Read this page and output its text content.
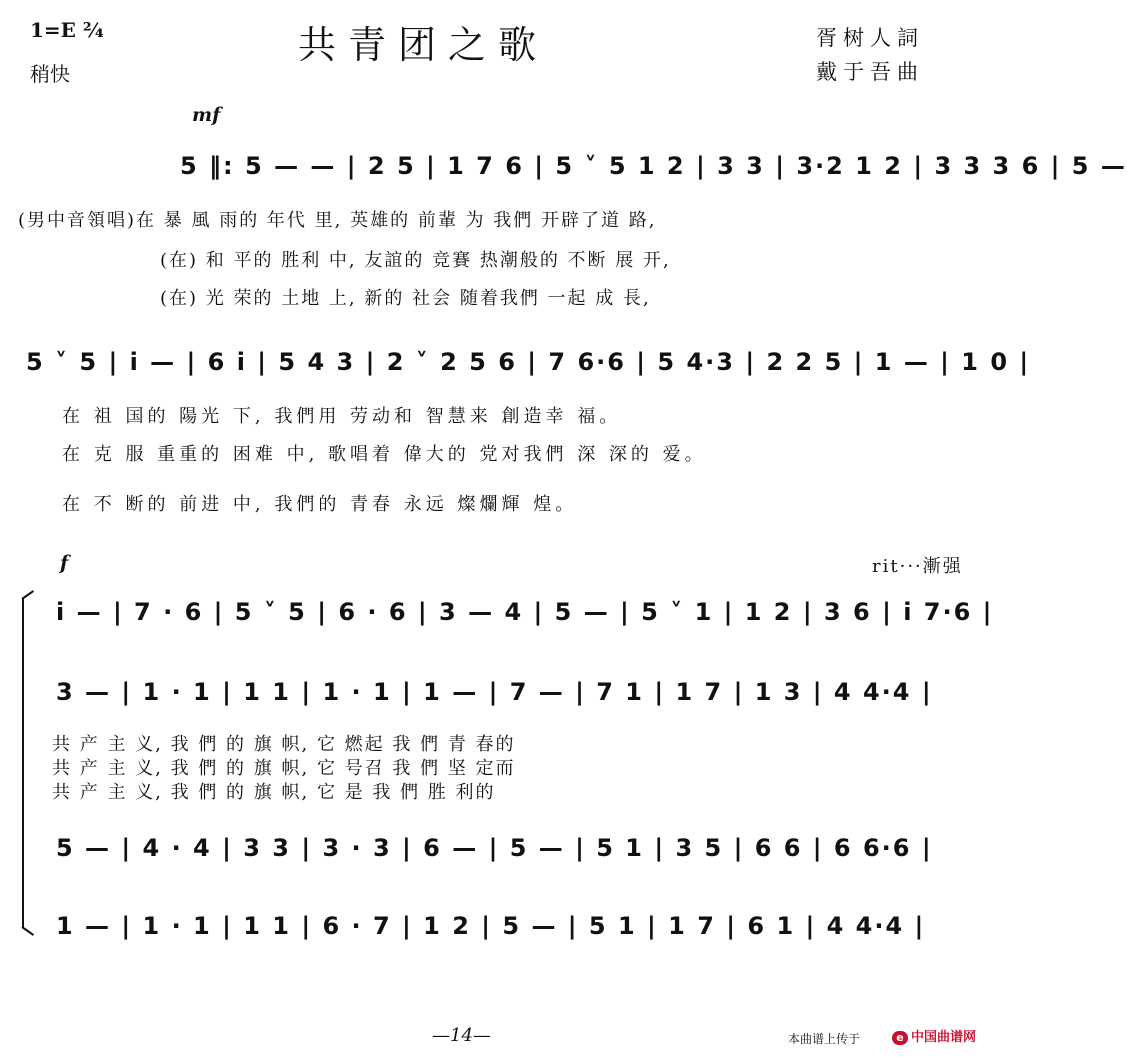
1=E ²⁄₄
稍快
共青团之歌	胥树人詞
戴于吾曲
mf
5 ‖: 5 — — | 2 5 | 1 7 6 | 5 ˅ 5 1 2 | 3 3 | 3·2 1 2 | 3 3 3 6 | 5 —
(男中音領唱)在 暴 風 雨的 年代 里, 英雄的 前輩 为 我們 开辟了道 路,
(在) 和 平的 胜利 中, 友誼的 竞賽 热潮般的 不断 展 开,
(在) 光 荣的 土地 上, 新的 社会 随着我們 一起 成 長,
5 ˅ 5 | i — | 6 i | 5 4 3 | 2 ˅ 2 5 6 | 7 6·6 | 5 4·3 | 2 2 5 | 1 — | 1 0 |
在 祖 国的 陽光 下, 我們用 劳动和 智慧来 創造幸 福。
在 克 服 重重的 困难 中, 歌唱着 偉大的 党对我們 深 深的 爱。
在 不 断的 前进 中, 我們的 青春 永远 燦爛輝 煌。
f	rit···漸强
i — | 7 · 6 | 5 ˅ 5 | 6 · 6 | 3 — 4 | 5 — | 5 ˅ 1 | 1 2 | 3 6 | i 7·6 |
3 — | 1 · 1 | 1 1 | 1 · 1 | 1 — | 7 — | 7 1 | 1 7 | 1 3 | 4 4·4 |
共 产 主 义, 我 們 的 旗 帜, 它 燃起 我 們 青 春的
共 产 主 义, 我 們 的 旗 帜, 它 号召 我 們 坚 定而
共 产 主 义, 我 們 的 旗 帜, 它 是 我 們 胜 利的
5 — | 4 · 4 | 3 3 | 3 · 3 | 6 — | 5 — | 5 1 | 3 5 | 6 6 | 6 6·6 |
1 — | 1 · 1 | 1 1 | 6 · 7 | 1 2 | 5 — | 5 1 | 1 7 | 6 1 | 4 4·4 |
—14—	本曲谱上传于	e 中国曲谱网
